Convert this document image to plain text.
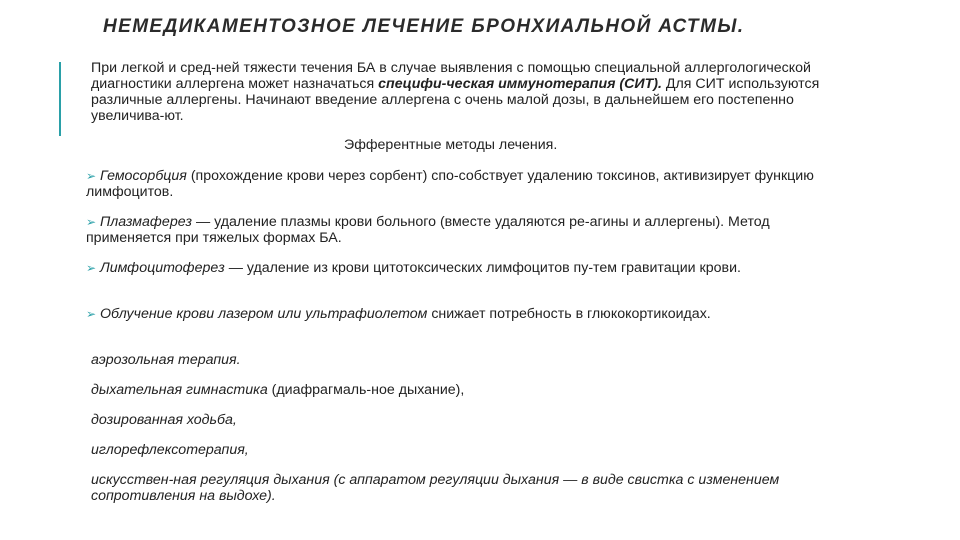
НЕМЕДИКАМЕНТОЗНОЕ ЛЕЧЕНИЕ БРОНХИАЛЬНОЙ АСТМЫ.

При легкой и сред-ней тяжести течения БА в случае выявления с помощью специальной аллергологической диагностики аллергена может назначаться специфи-ческая иммунотерапия (СИТ). Для СИТ используются различные аллергены. Начинают введение аллергена с очень малой дозы, в дальнейшем его постепенно увеличива-ют.

Эфферентные методы лечения.

➢ Гемосорбция (прохождение крови через сорбент) спо-собствует удалению токсинов, активизирует функцию лимфоцитов.
➢ Плазмаферез — удаление плазмы крови больного (вместе удаляются ре-агины и аллергены). Метод применяется при тяжелых формах БА.
➢ Лимфоцитоферез — удаление из крови цитотоксических лимфоцитов пу-тем гравитации крови.
➢ Облучение крови лазером или ультрафиолетом снижает потребность в глюкокортикоидах.

аэрозольная терапия.

дыхательная гимнастика (диафрагмаль-ное дыхание),

дозированная ходьба,

иглорефлексотерапия,

искусствен-ная регуляция дыхания (с аппаратом регуляции дыхания — в виде свистка с изменением сопротивления на выдохе).
